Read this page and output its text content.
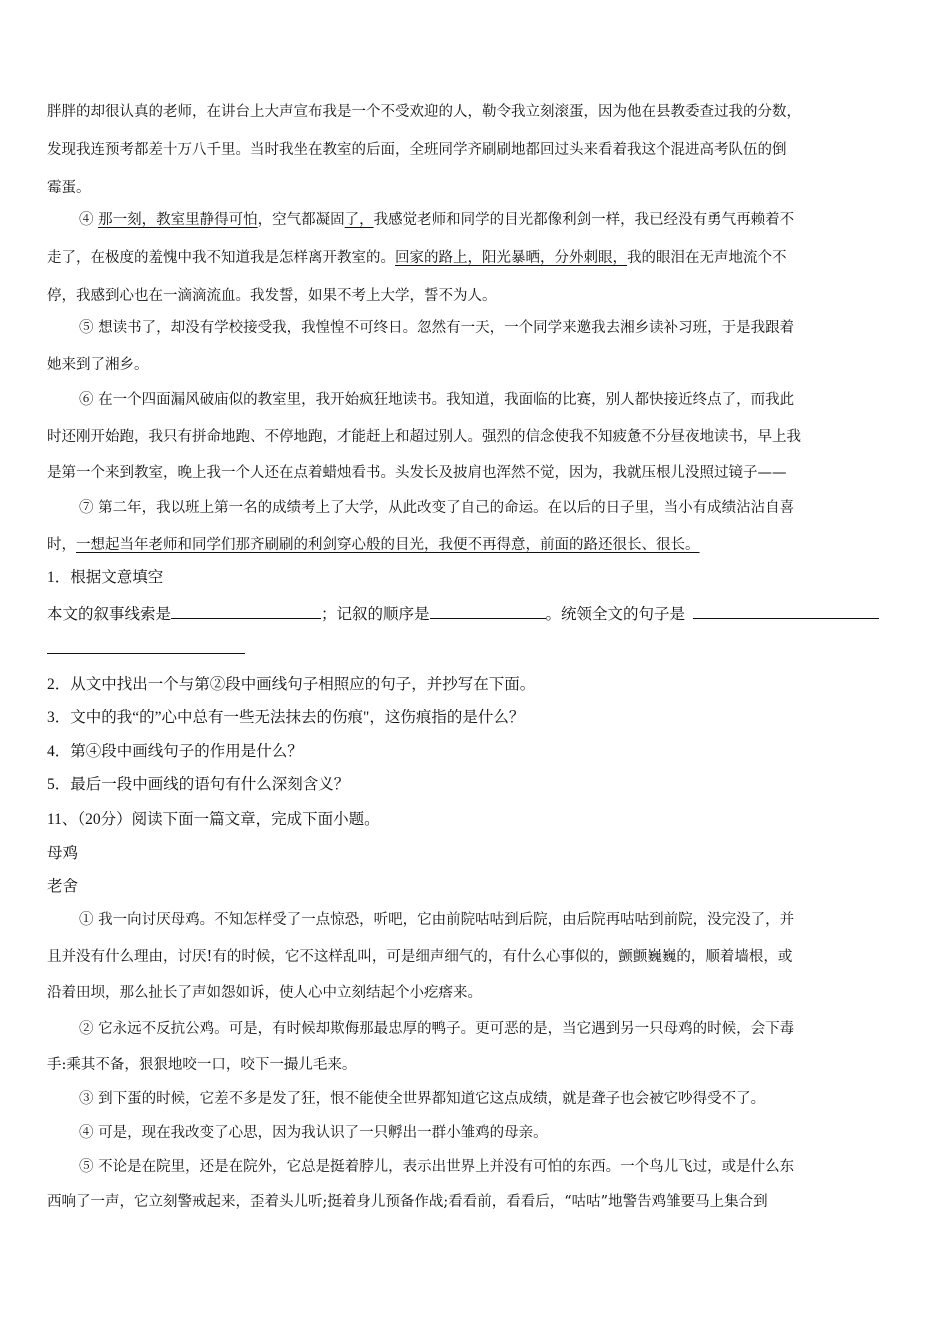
胖胖的却很认真的老师，在讲台上大声宣布我是一个不受欢迎的人，勒令我立刻滚蛋，因为他在县教委查过我的分数，
发现我连预考都差十万八千里。当时我坐在教室的后面，全班同学齐刷刷地都回过头来看着我这个混进高考队伍的倒
霉蛋。
④ 那一刻，教室里静得可怕，空气都凝固了，我感觉老师和同学的目光都像利剑一样，我已经没有勇气再赖着不
走了，在极度的羞愧中我不知道我是怎样离开教室的。回家的路上，阳光暴晒，分外刺眼，我的眼泪在无声地流个不
停，我感到心也在一滴滴流血。我发誓，如果不考上大学，誓不为人。
⑤ 想读书了，却没有学校接受我，我惶惶不可终日。忽然有一天，一个同学来邀我去湘乡读补习班，于是我跟着
她来到了湘乡。
⑥ 在一个四面漏风破庙似的教室里，我开始疯狂地读书。我知道，我面临的比赛，别人都快接近终点了，而我此
时还刚开始跑，我只有拼命地跑、不停地跑，才能赶上和超过别人。强烈的信念使我不知疲惫不分昼夜地读书，早上我
是第一个来到教室，晚上我一个人还在点着蜡烛看书。头发长及披肩也浑然不觉，因为，我就压根儿没照过镜子——
⑦ 第二年，我以班上第一名的成绩考上了大学，从此改变了自己的命运。在以后的日子里，当小有成绩沾沾自喜
时，一想起当年老师和同学们那齐刷刷的利剑穿心般的目光，我便不再得意，前面的路还很长、很长。
1．根据文意填空
本文的叙事线索是	；记叙的顺序是	。统领全文的句子是
2．从文中找出一个与第②段中画线句子相照应的句子，并抄写在下面。
3．文中的我“的”心中总有一些无法抹去的伤痕"，这伤痕指的是什么？
4．第④段中画线句子的作用是什么？
5．最后一段中画线的语句有什么深刻含义？
11、（20分）阅读下面一篇文章，完成下面小题。
母鸡
老舍
① 我一向讨厌母鸡。不知怎样受了一点惊恐，听吧，它由前院咕咕到后院，由后院再咕咕到前院，没完没了，并
且并没有什么理由，讨厌!有的时候，它不这样乱叫，可是细声细气的，有什么心事似的，颤颤巍巍的，顺着墙根，或
沿着田坝，那么扯长了声如怨如诉，使人心中立刻结起个小疙瘩来。
② 它永远不反抗公鸡。可是，有时候却欺侮那最忠厚的鸭子。更可恶的是，当它遇到另一只母鸡的时候，会下毒
手:乘其不备，狠狠地咬一口，咬下一撮儿毛来。
③ 到下蛋的时候，它差不多是发了狂，恨不能使全世界都知道它这点成绩，就是聋子也会被它吵得受不了。
④ 可是，现在我改变了心思，因为我认识了一只孵出一群小雏鸡的母亲。
⑤ 不论是在院里，还是在院外，它总是挺着脖儿，表示出世界上并没有可怕的东西。一个鸟儿飞过，或是什么东
西响了一声，它立刻警戒起来，歪着头儿听;挺着身儿预备作战;看看前，看看后，“咕咕”地警告鸡雏要马上集合到
